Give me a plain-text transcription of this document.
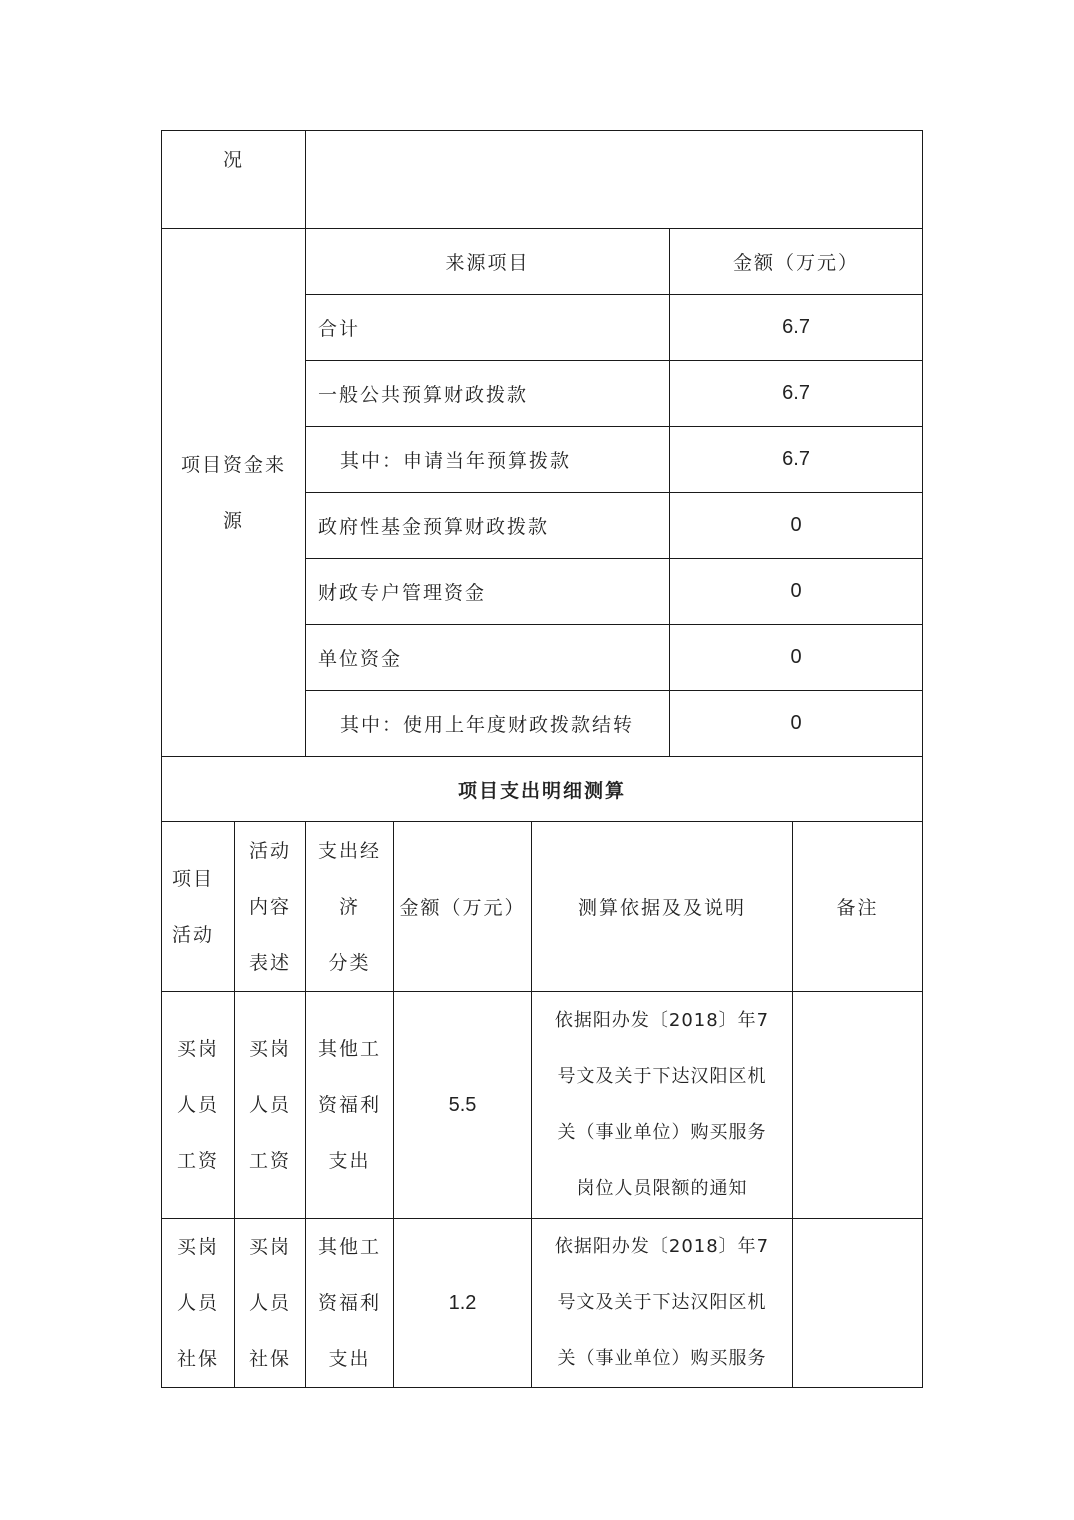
况						

项目资金来
源		来源项目			金额（万元）	
		合计			6.7	
		一般公共预算财政拨款			6.7	
		其中：申请当年预算拨款			6.7	
		政府性基金预算财政拨款			0	
		财政专户管理资金			0	
		单位资金			0	
		其中：使用上年度财政拨款结转			0	
项目支出明细测算						

项目
活动	活动
内容
表述	支出经
济
分类	金额（万元）	测算依据及及说明		备注

买岗
人员
工资	买岗
人员
工资	其他工
资福利
支出	5.5	依据阳办发〔2018〕年7
号文及关于下达汉阳区机
关（事业单位）购买服务
岗位人员限额的通知		

买岗
人员
社保	买岗
人员
社保	其他工
资福利
支出	1.2	依据阳办发〔2018〕年7
号文及关于下达汉阳区机
关（事业单位）购买服务		
